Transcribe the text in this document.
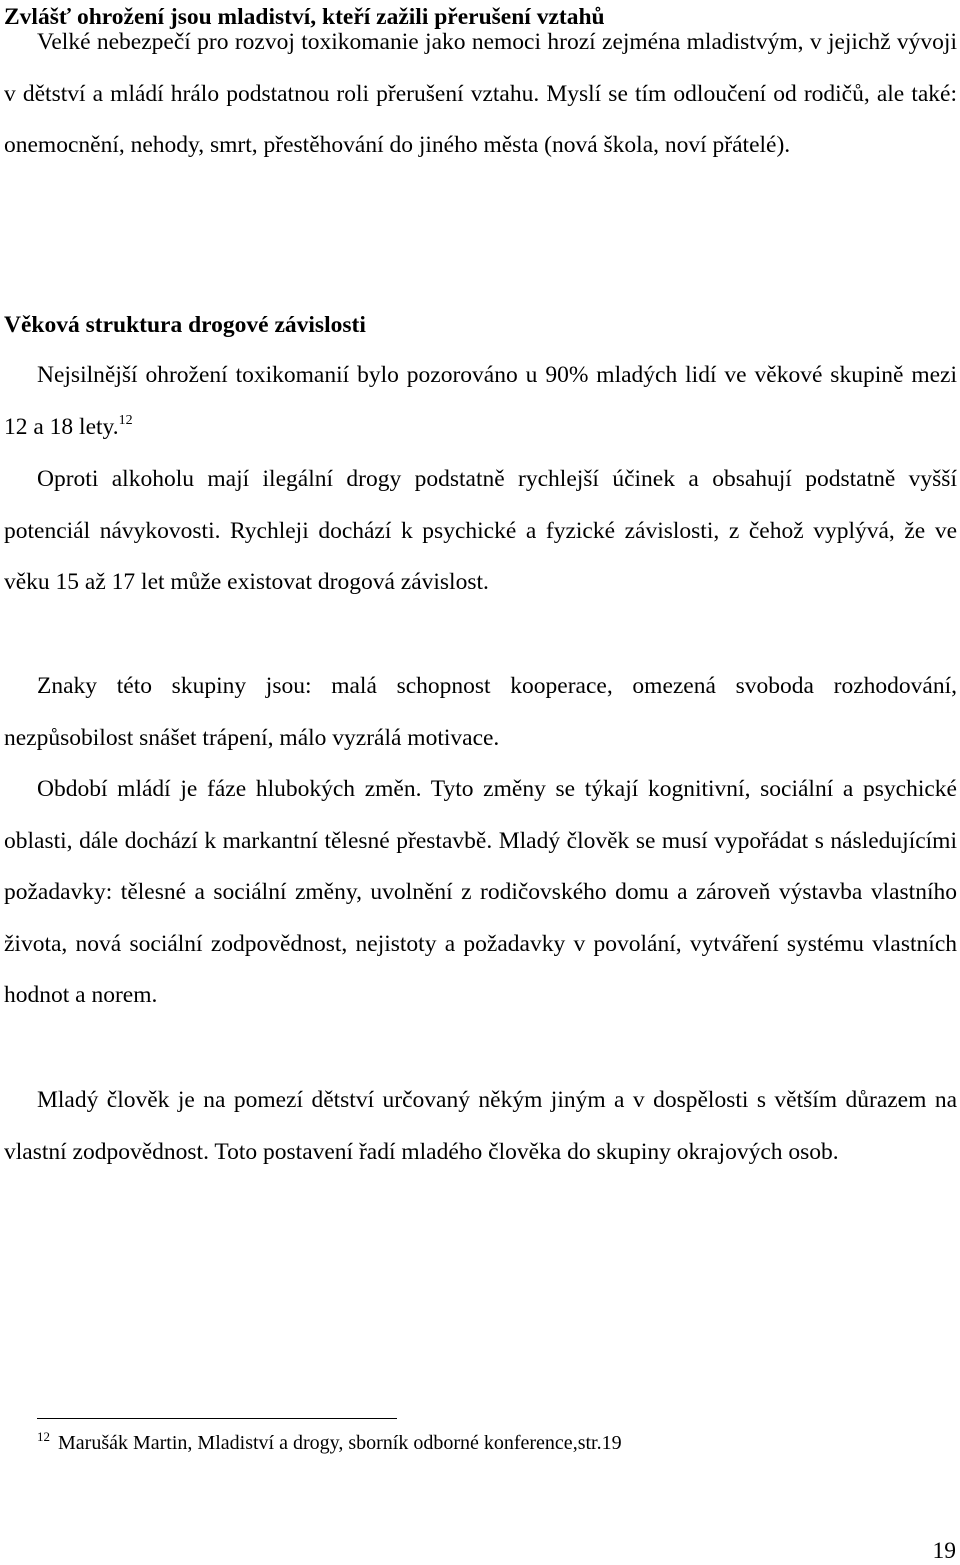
Zvlášť ohrožení jsou mladiství, kteří zažili přerušení vztahů

Velké nebezpečí pro rozvoj toxikomanie jako nemoci hrozí zejména mladistvým, v jejichž vývoji v dětství a mládí hrálo podstatnou roli přerušení vztahu. Myslí se tím odloučení od rodičů, ale také: onemocnění, nehody, smrt, přestěhování do jiného města (nová škola, noví přátelé).

Věková struktura drogové závislosti

Nejsilnější ohrožení toxikomanií bylo pozorováno u 90% mladých lidí ve věkové skupině mezi 12 a 18 lety.$^{12}$

Oproti alkoholu mají ilegální drogy podstatně rychlejší účinek a obsahují podstatně vyšší potenciál návykovosti. Rychleji dochází k psychické a fyzické závislosti, z čehož vyplývá, že ve věku 15 až 17 let může existovat drogová závislost.

Znaky této skupiny jsou: malá schopnost kooperace, omezená svoboda rozhodování, nezpůsobilost snášet trápení, málo vyzrálá motivace.

Období mládí je fáze hlubokých změn. Tyto změny se týkají kognitivní, sociální a psychické oblasti, dále dochází k markantní tělesné přestavbě. Mladý člověk se musí vypořádat s následujícími požadavky: tělesné a sociální změny, uvolnění z rodičovského domu a zároveň výstavba vlastního života, nová sociální zodpovědnost, nejistoty a požadavky v povolání, vytváření systému vlastních hodnot a norem.

Mladý člověk je na pomezí dětství určovaný někým jiným a v dospělosti s větším důrazem na vlastní zodpovědnost. Toto postavení řadí mladého člověka do skupiny okrajových osob.

$^{12}$ Marušák Martin, Mladiství a drogy, sborník odborné konference,str.19
19
